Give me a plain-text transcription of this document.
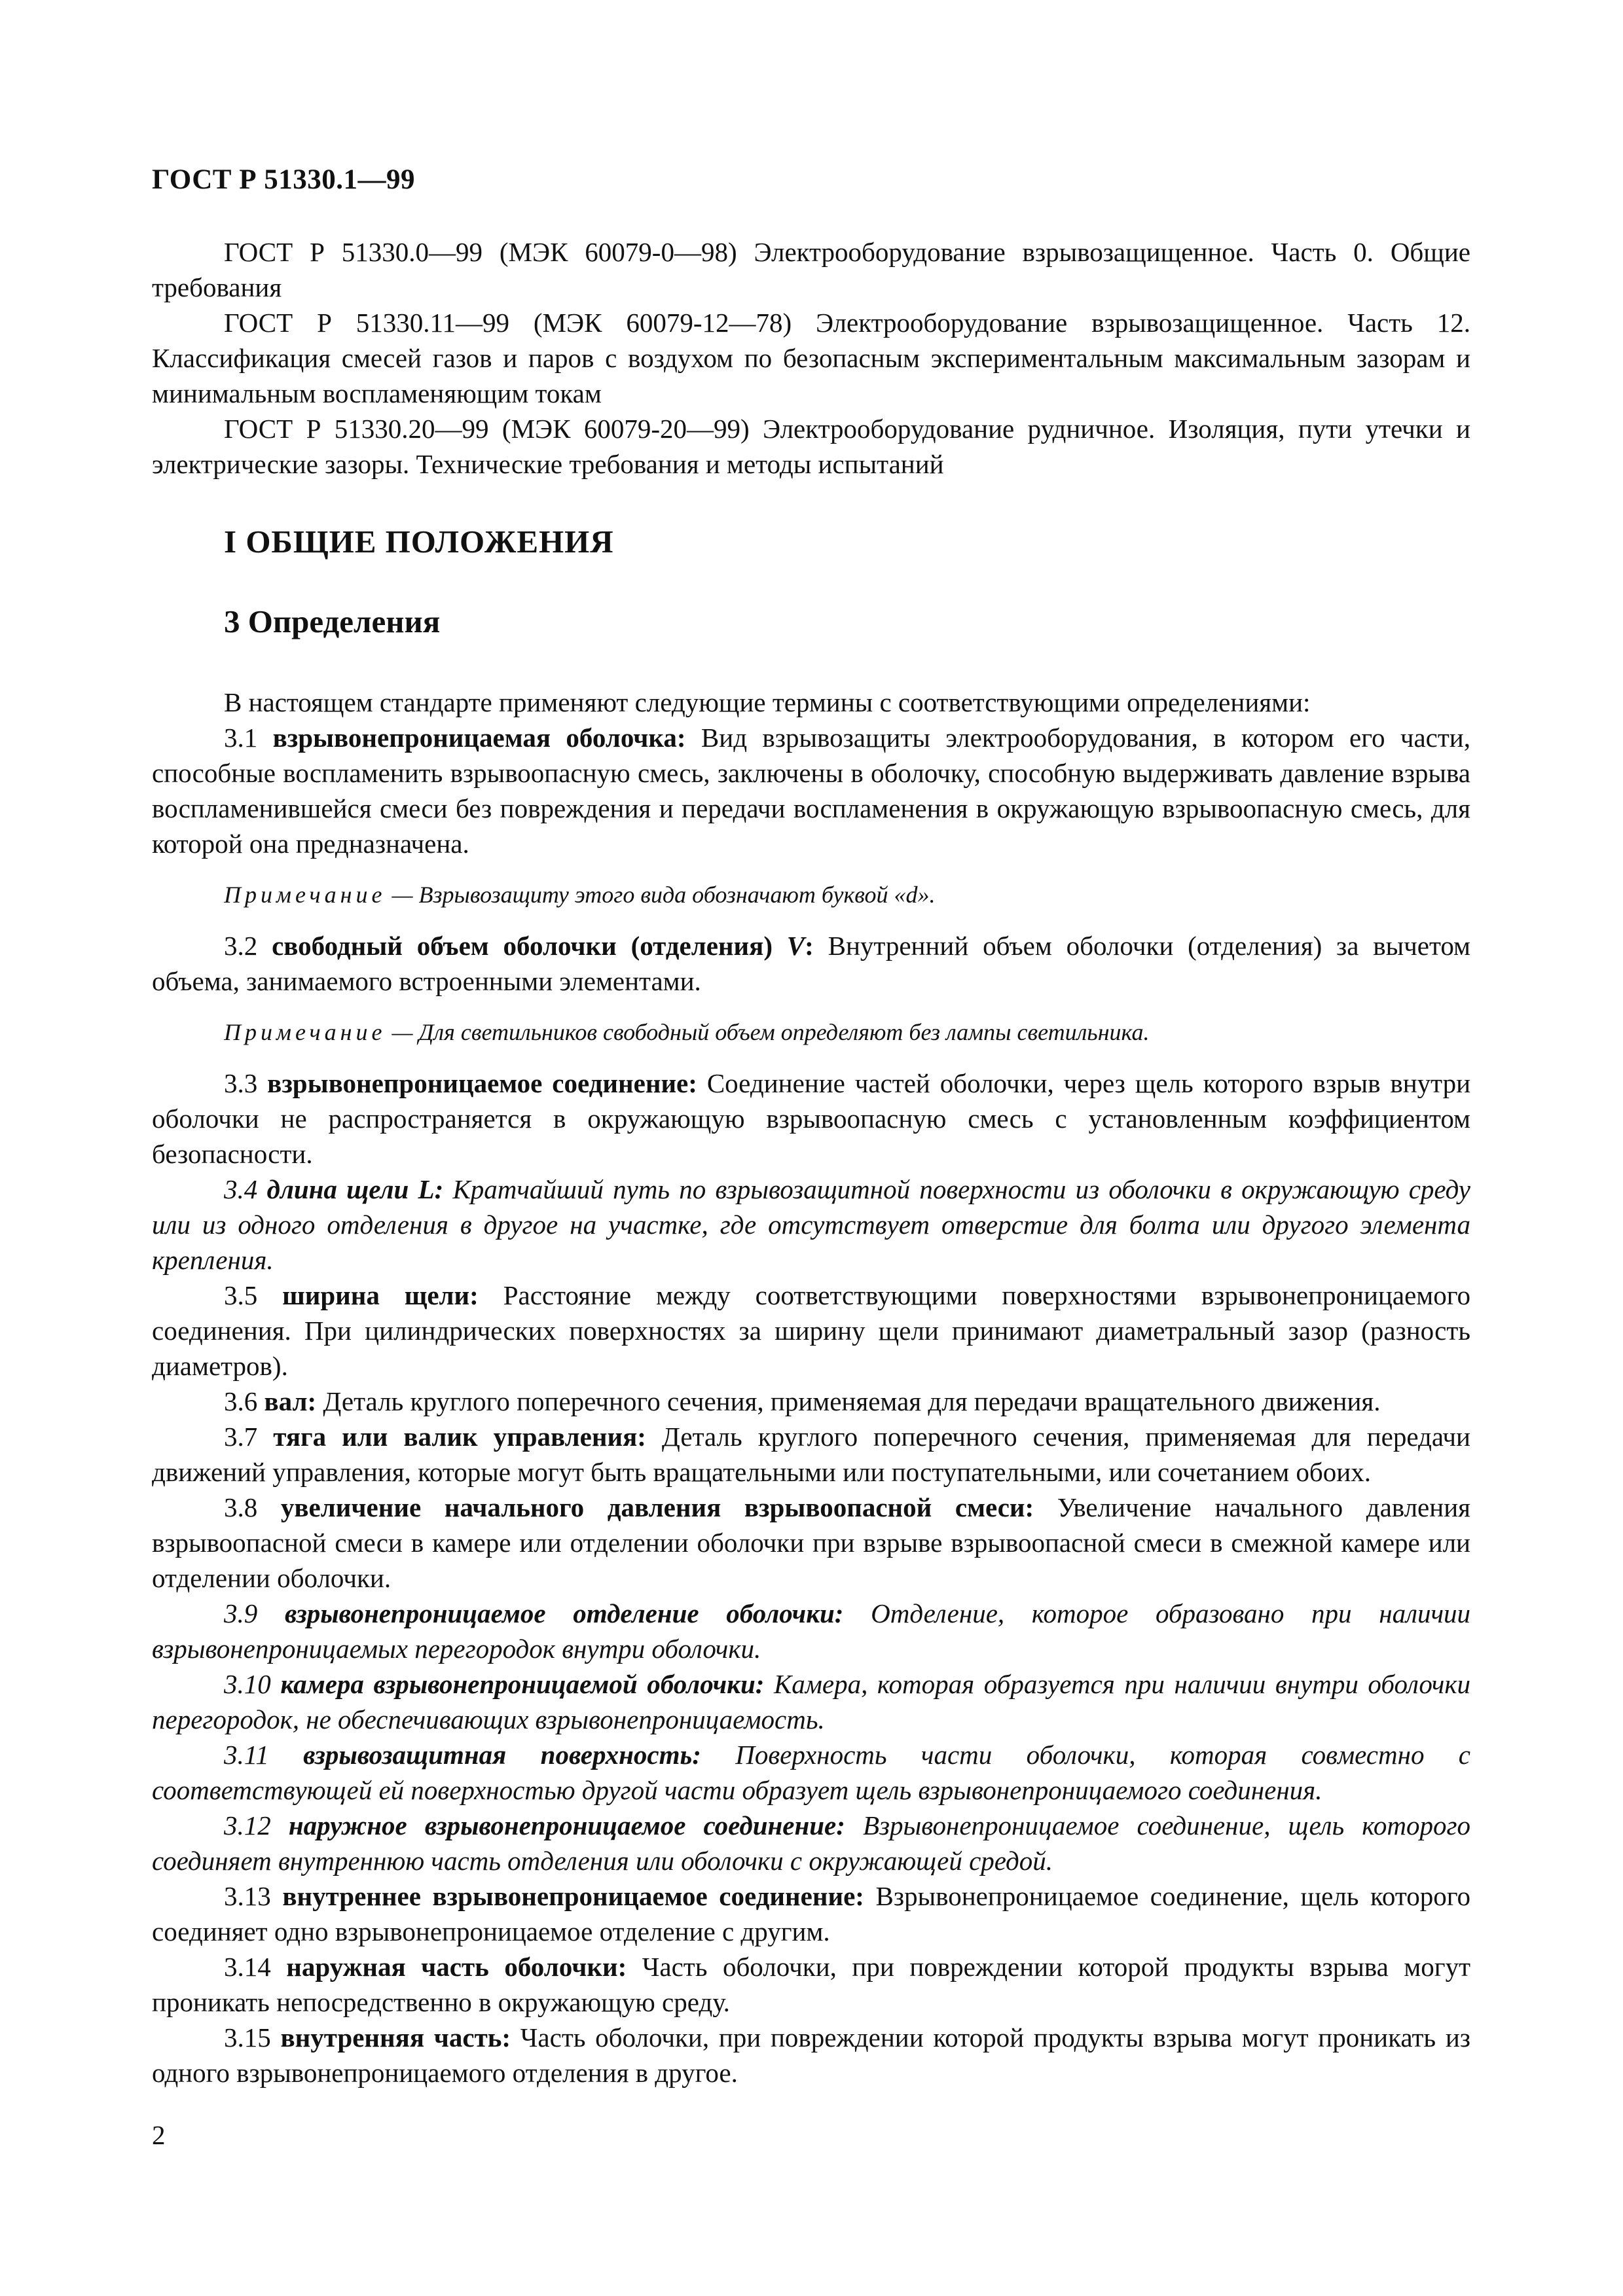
ГОСТ Р 51330.1—99

ГОСТ Р 51330.0—99 (МЭК 60079-0—98) Электрооборудование взрывозащищенное. Часть 0. Общие требования

ГОСТ Р 51330.11—99 (МЭК 60079-12—78) Электрооборудование взрывозащищенное. Часть 12. Классификация смесей газов и паров с воздухом по безопасным экспериментальным максимальным зазорам и минимальным воспламеняющим токам

ГОСТ Р 51330.20—99 (МЭК 60079-20—99) Электрооборудование рудничное. Изоляция, пути утечки и электрические зазоры. Технические требования и методы испытаний

I ОБЩИЕ ПОЛОЖЕНИЯ
3 Определения

В настоящем стандарте применяют следующие термины с соответствующими определениями:

3.1 взрывонепроницаемая оболочка: Вид взрывозащиты электрооборудования, в котором его части, способные воспламенить взрывоопасную смесь, заключены в оболочку, способную выдерживать давление взрыва воспламенившейся смеси без повреждения и передачи воспламенения в окружающую взрывоопасную смесь, для которой она предназначена.

Примечание — Взрывозащиту этого вида обозначают буквой «d».

3.2 свободный объем оболочки (отделения) V: Внутренний объем оболочки (отделения) за вычетом объема, занимаемого встроенными элементами.

Примечание — Для светильников свободный объем определяют без лампы светильника.

3.3 взрывонепроницаемое соединение: Соединение частей оболочки, через щель которого взрыв внутри оболочки не распространяется в окружающую взрывоопасную смесь с установленным коэффициентом безопасности.

3.4 длина щели L: Кратчайший путь по взрывозащитной поверхности из оболочки в окружающую среду или из одного отделения в другое на участке, где отсутствует отверстие для болта или другого элемента крепления.

3.5 ширина щели: Расстояние между соответствующими поверхностями взрывонепроницаемого соединения. При цилиндрических поверхностях за ширину щели принимают диаметральный зазор (разность диаметров).

3.6 вал: Деталь круглого поперечного сечения, применяемая для передачи вращательного движения.

3.7 тяга или валик управления: Деталь круглого поперечного сечения, применяемая для передачи движений управления, которые могут быть вращательными или поступательными, или сочетанием обоих.

3.8 увеличение начального давления взрывоопасной смеси: Увеличение начального давления взрывоопасной смеси в камере или отделении оболочки при взрыве взрывоопасной смеси в смежной камере или отделении оболочки.

3.9 взрывонепроницаемое отделение оболочки: Отделение, которое образовано при наличии взрывонепроницаемых перегородок внутри оболочки.

3.10 камера взрывонепроницаемой оболочки: Камера, которая образуется при наличии внутри оболочки перегородок, не обеспечивающих взрывонепроницаемость.

3.11 взрывозащитная поверхность: Поверхность части оболочки, которая совместно с соответствующей ей поверхностью другой части образует щель взрывонепроницаемого соединения.

3.12 наружное взрывонепроницаемое соединение: Взрывонепроницаемое соединение, щель которого соединяет внутреннюю часть отделения или оболочки с окружающей средой.

3.13 внутреннее взрывонепроницаемое соединение: Взрывонепроницаемое соединение, щель которого соединяет одно взрывонепроницаемое отделение с другим.

3.14 наружная часть оболочки: Часть оболочки, при повреждении которой продукты взрыва могут проникать непосредственно в окружающую среду.

3.15 внутренняя часть: Часть оболочки, при повреждении которой продукты взрыва могут проникать из одного взрывонепроницаемого отделения в другое.

2
